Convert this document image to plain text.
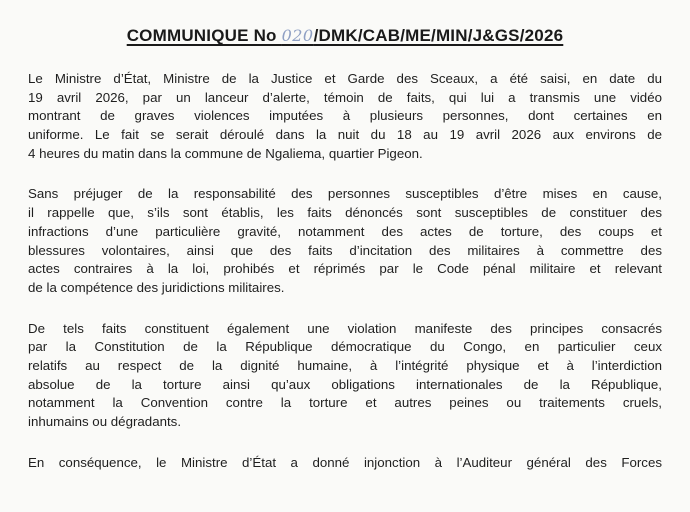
COMMUNIQUE No 020/DMK/CAB/ME/MIN/J&GS/2026

Le Ministre d’État, Ministre de la Justice et Garde des Sceaux, a été saisi, en date du
19 avril 2026, par un lanceur d’alerte, témoin de faits, qui lui a transmis une vidéo
montrant de graves violences imputées à plusieurs personnes, dont certaines en
uniforme. Le fait se serait déroulé dans la nuit du 18 au 19 avril 2026 aux environs de
4 heures du matin dans la commune de Ngaliema, quartier Pigeon.

Sans préjuger de la responsabilité des personnes susceptibles d’être mises en cause,
il rappelle que, s’ils sont établis, les faits dénoncés sont susceptibles de constituer des
infractions d’une particulière gravité, notamment des actes de torture, des coups et
blessures volontaires, ainsi que des faits d’incitation des militaires à commettre des
actes contraires à la loi, prohibés et réprimés par le Code pénal militaire et relevant
de la compétence des juridictions militaires.

De tels faits constituent également une violation manifeste des principes consacrés
par la Constitution de la République démocratique du Congo, en particulier ceux
relatifs au respect de la dignité humaine, à l’intégrité physique et à l’interdiction
absolue de la torture ainsi qu’aux obligations internationales de la République,
notamment la Convention contre la torture et autres peines ou traitements cruels,
inhumains ou dégradants.

En conséquence, le Ministre d’État a donné injonction à l’Auditeur général des Forces
